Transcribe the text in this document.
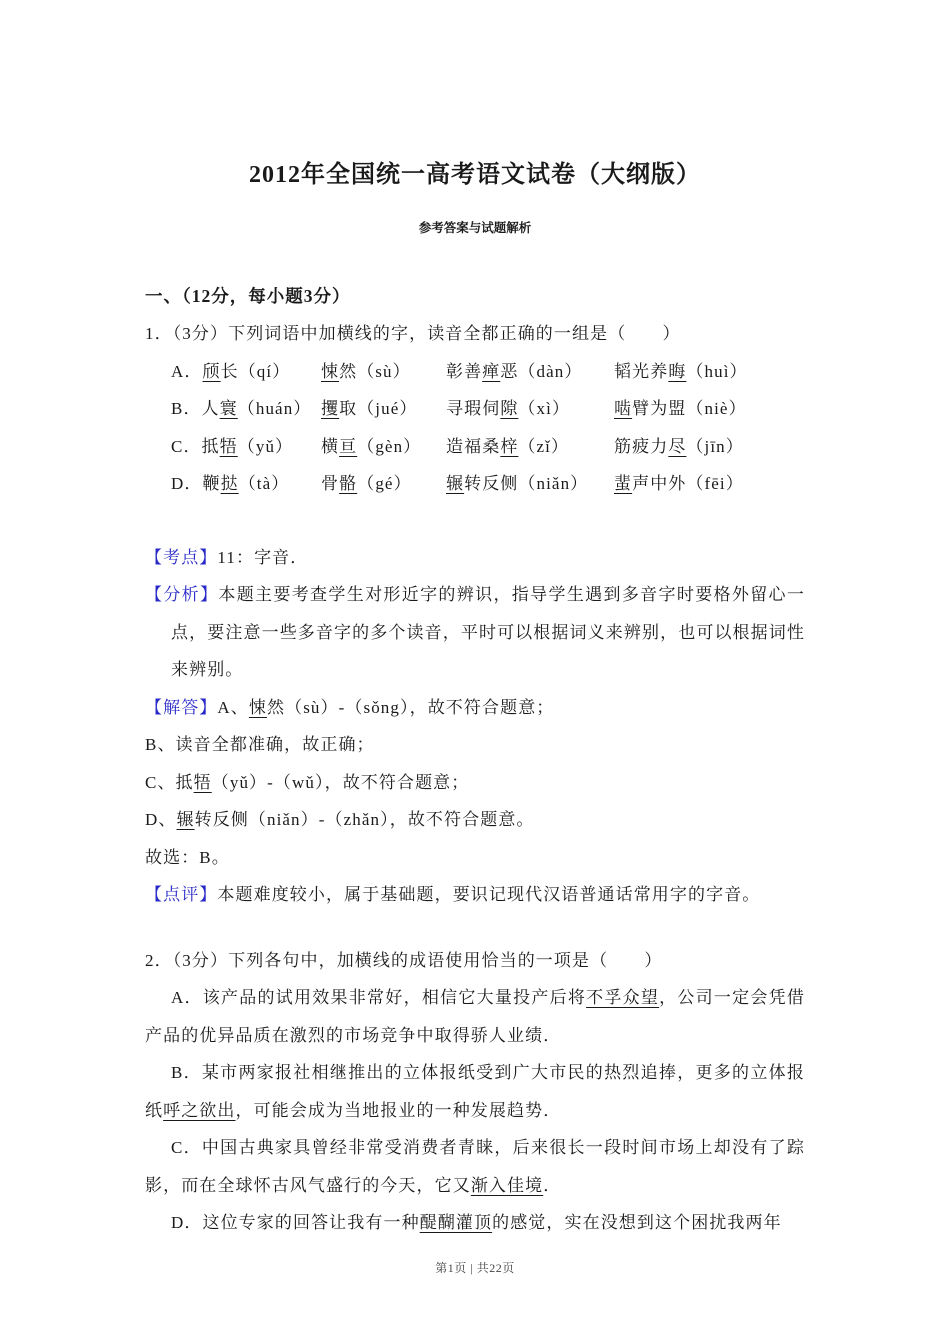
2012年全国统一高考语文试卷（大纲版）
参考答案与试题解析
一、（12分，每小题3分）

1．（3分）下列词语中加横线的字，读音全都正确的一组是（　　）

A．颀长（qí）	悚然（sù）	彰善瘅恶（dàn）	韬光养晦（huì）
B．人寰（huán） 攫取（jué）	寻瑕伺隙（xì）	啮臂为盟（niè）
C．抵牾（yǔ）	横亘（gèn）	造福桑梓（zǐ）	筋疲力尽（jīn）
D．鞭挞（tà）	骨骼（gé）	辗转反侧（niǎn）	蜚声中外（fēi）

【考点】11：字音．

【分析】本题主要考查学生对形近字的辨识，指导学生遇到多音字时要格外留心一点，要注意一些多音字的多个读音，平时可以根据词义来辨别，也可以根据词性来辨别。

【解答】A、悚然（sù）-（sǒng），故不符合题意；

B、读音全都准确，故正确；

C、抵牾（yǔ）-（wǔ），故不符合题意；

D、辗转反侧（niǎn）-（zhǎn），故不符合题意。

故选：B。

【点评】本题难度较小，属于基础题，要识记现代汉语普通话常用字的字音。

2．（3分）下列各句中，加横线的成语使用恰当的一项是（　　）

A．该产品的试用效果非常好，相信它大量投产后将不孚众望，公司一定会凭借产品的优异品质在激烈的市场竞争中取得骄人业绩．

B．某市两家报社相继推出的立体报纸受到广大市民的热烈追捧，更多的立体报纸呼之欲出，可能会成为当地报业的一种发展趋势．

C．中国古典家具曾经非常受消费者青睐，后来很长一段时间市场上却没有了踪影，而在全球怀古风气盛行的今天，它又渐入佳境．

D．这位专家的回答让我有一种醍醐灌顶的感觉，实在没想到这个困扰我两年

第1页 | 共22页
